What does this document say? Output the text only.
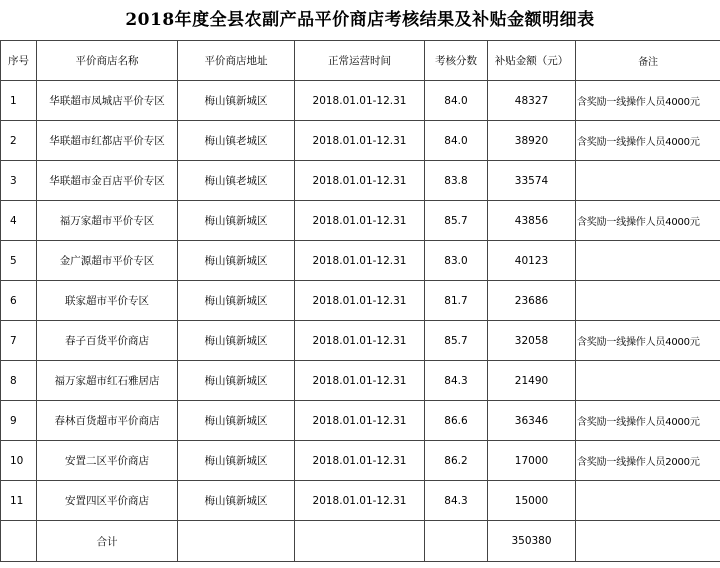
2018年度全县农副产品平价商店考核结果及补贴金额明细表
序号	平价商店名称	平价商店地址	正常运营时间	考核分数	补贴金额（元）	备注
1	华联超市凤城店平价专区	梅山镇新城区	2018.01.01-12.31	84.0	48327	含奖励一线操作人员4000元
2	华联超市红都店平价专区	梅山镇老城区	2018.01.01-12.31	84.0	38920	含奖励一线操作人员4000元
3	华联超市金百店平价专区	梅山镇老城区	2018.01.01-12.31	83.8	33574	
4	福万家超市平价专区	梅山镇新城区	2018.01.01-12.31	85.7	43856	含奖励一线操作人员4000元
5	金广源超市平价专区	梅山镇新城区	2018.01.01-12.31	83.0	40123	
6	联家超市平价专区	梅山镇新城区	2018.01.01-12.31	81.7	23686	
7	春子百货平价商店	梅山镇新城区	2018.01.01-12.31	85.7	32058	含奖励一线操作人员4000元
8	福万家超市红石雅居店	梅山镇新城区	2018.01.01-12.31	84.3	21490	
9	春林百货超市平价商店	梅山镇新城区	2018.01.01-12.31	86.6	36346	含奖励一线操作人员4000元
10	安置二区平价商店	梅山镇新城区	2018.01.01-12.31	86.2	17000	含奖励一线操作人员2000元
11	安置四区平价商店	梅山镇新城区	2018.01.01-12.31	84.3	15000	
	合计				350380	
